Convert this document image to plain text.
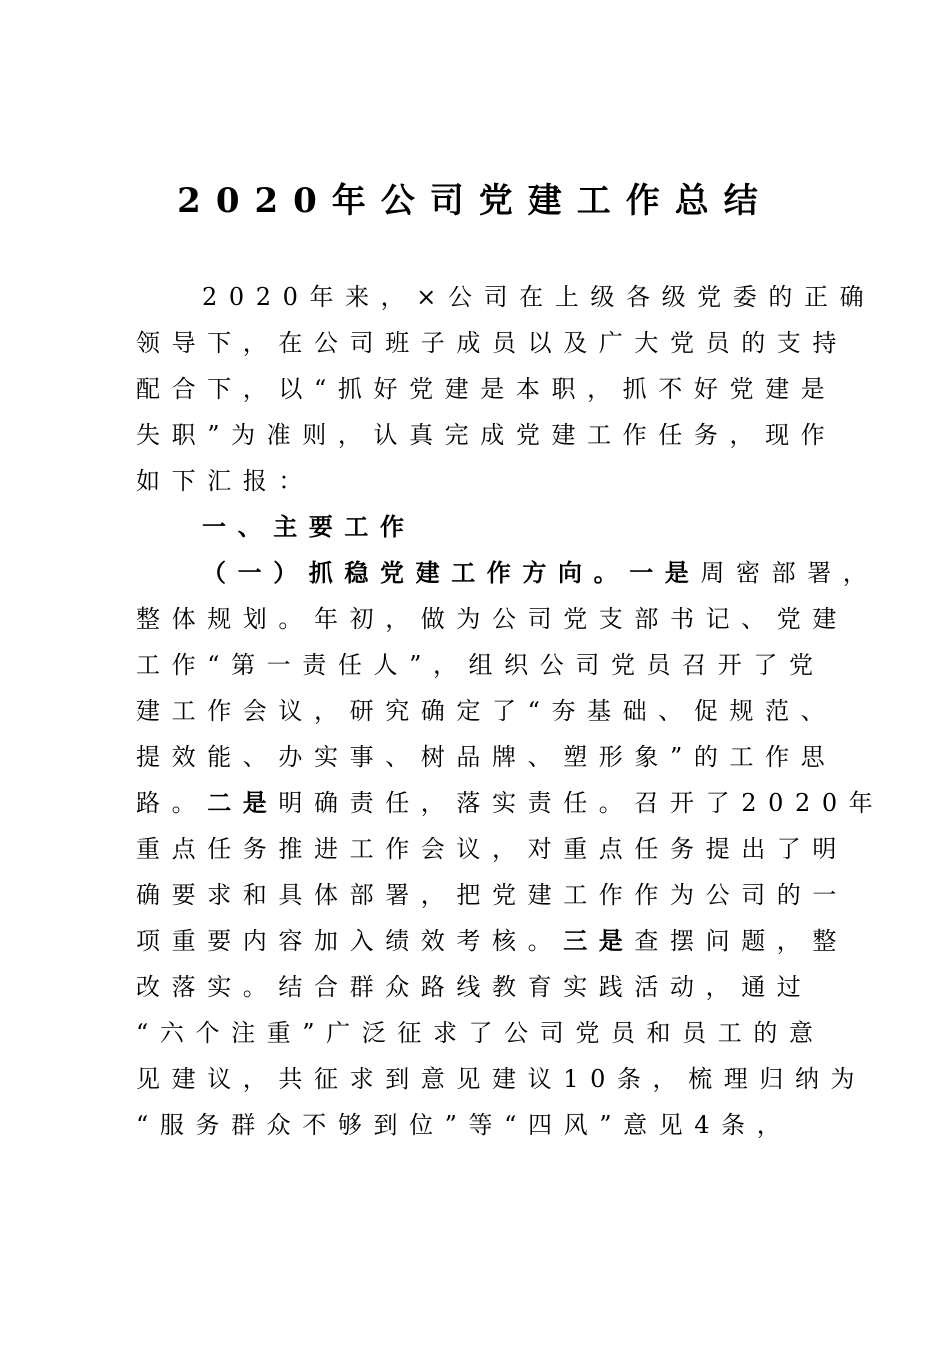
2020年公司党建工作总结
2020年来，×公司在上级各级党委的正确
领导下，在公司班子成员以及广大党员的支持
配合下，以“抓好党建是本职，抓不好党建是
失职”为准则，认真完成党建工作任务，现作
如下汇报：
一、主要工作
（一）抓稳党建工作方向。一是周密部署，
整体规划。年初，做为公司党支部书记、党建
工作“第一责任人”，组织公司党员召开了党
建工作会议，研究确定了“夯基础、促规范、
提效能、办实事、树品牌、塑形象”的工作思
路。二是明确责任，落实责任。召开了2020年
重点任务推进工作会议，对重点任务提出了明
确要求和具体部署，把党建工作作为公司的一
项重要内容加入绩效考核。三是查摆问题，整
改落实。结合群众路线教育实践活动，通过
“六个注重”广泛征求了公司党员和员工的意
见建议，共征求到意见建议10条，梳理归纳为
“服务群众不够到位”等“四风”意见4条，
